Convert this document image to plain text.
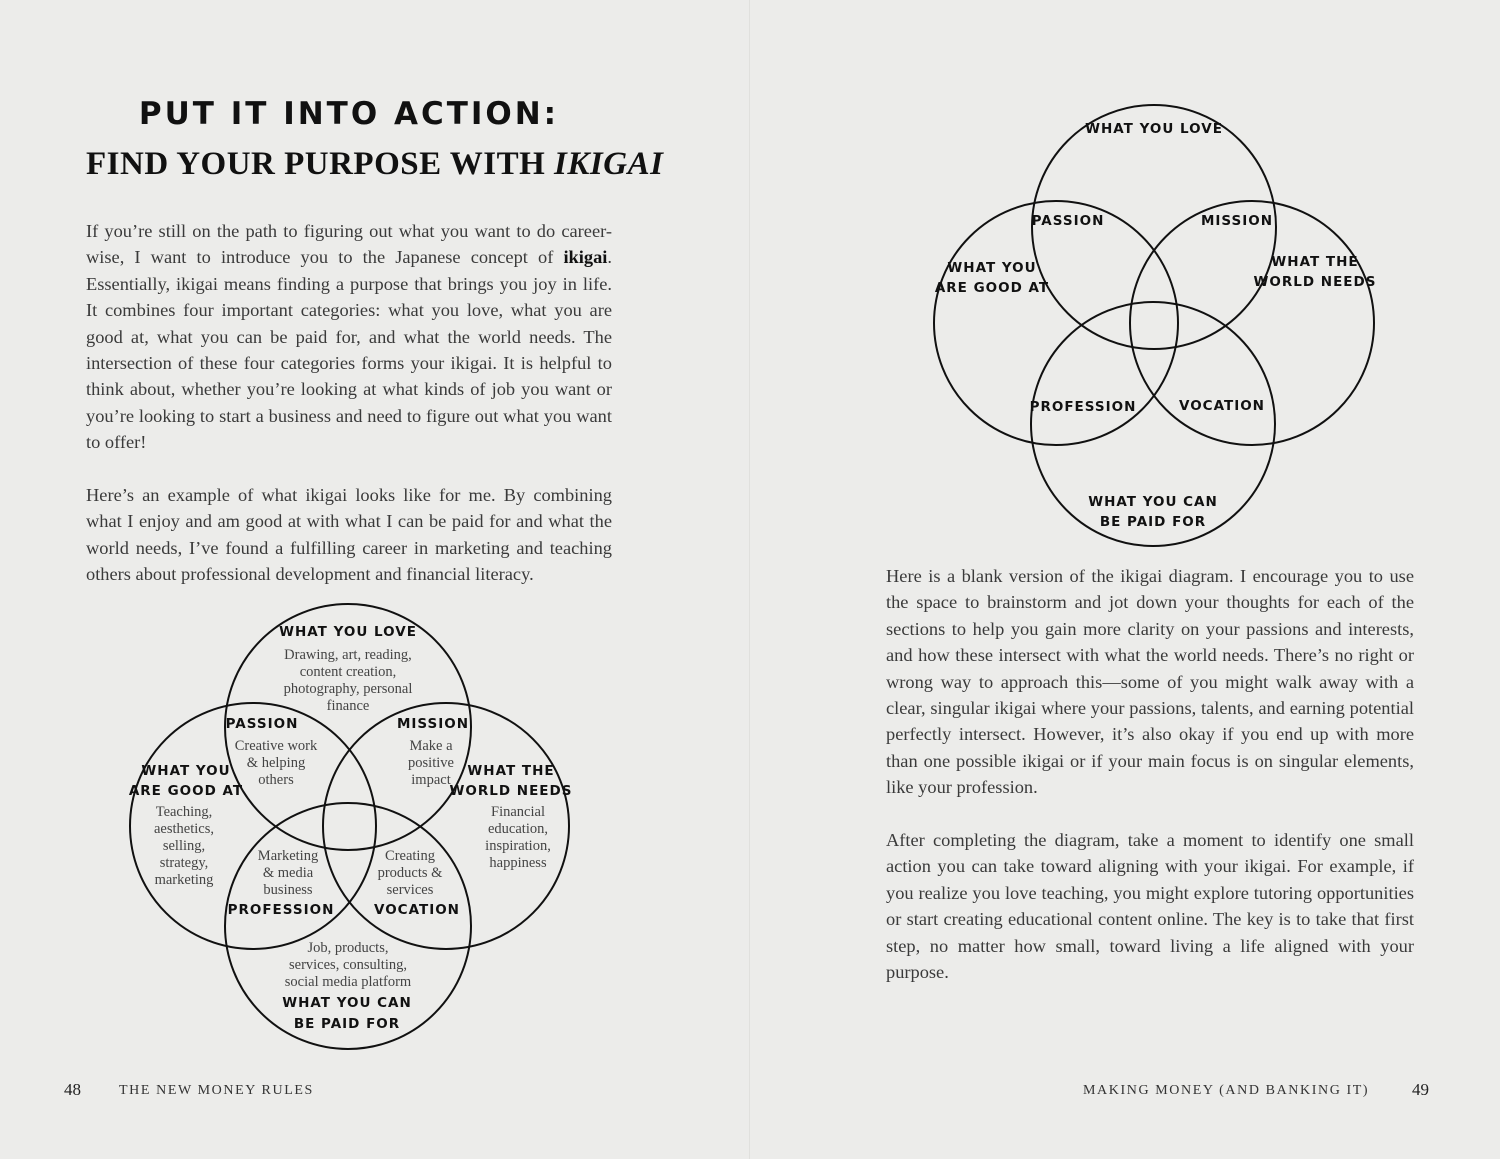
PUT IT INTO ACTION:
FIND YOUR PURPOSE WITH IKIGAI

If you’re still on the path to figuring out what you want to do career-wise, I want to introduce you to the Japanese concept of ikigai. Essentially, ikigai means finding a purpose that brings you joy in life. It combines four important categories: what you love, what you are good at, what you can be paid for, and what the world needs. The intersection of these four categories forms your ikigai. It is helpful to think about, whether you’re looking at what kinds of job you want or you’re looking to start a business and need to figure out what you want to offer!

Here’s an example of what ikigai looks like for me. By combining what I enjoy and am good at with what I can be paid for and what the world needs, I’ve found a fulfilling career in marketing and teaching others about professional development and financial literacy.

WHAT YOU LOVE
Drawing, art, reading,
content creation,
photography, personal
finance
PASSION
Creative work
& helping
others
MISSION
Make a
positive
impact
WHAT YOU
ARE GOOD AT
Teaching,
aesthetics,
selling,
strategy,
marketing
WHAT THE
WORLD NEEDS
Financial
education,
inspiration,
happiness
Marketing
& media
business
PROFESSION
Creating
products &
services
VOCATION
Job, products,
services, consulting,
social media platform
WHAT YOU CAN
BE PAID FOR
48	THE NEW MONEY RULES
WHAT YOU LOVE
PASSION	MISSION
WHAT YOU
ARE GOOD AT
WHAT THE
WORLD NEEDS
PROFESSION	VOCATION
WHAT YOU CAN
BE PAID FOR

Here is a blank version of the ikigai diagram. I encourage you to use the space to brainstorm and jot down your thoughts for each of the sections to help you gain more clarity on your passions and interests, and how these intersect with what the world needs. There’s no right or wrong way to approach this—some of you might walk away with a clear, singular ikigai where your passions, talents, and earning potential perfectly intersect. However, it’s also okay if you end up with more than one possible ikigai or if your main focus is on singular elements, like your profession.

After completing the diagram, take a moment to identify one small action you can take toward aligning with your ikigai. For example, if you realize you love teaching, you might explore tutoring opportunities or start creating educational content online. The key is to take that first step, no matter how small, toward living a life aligned with your purpose.

MAKING MONEY (AND BANKING IT)	49
